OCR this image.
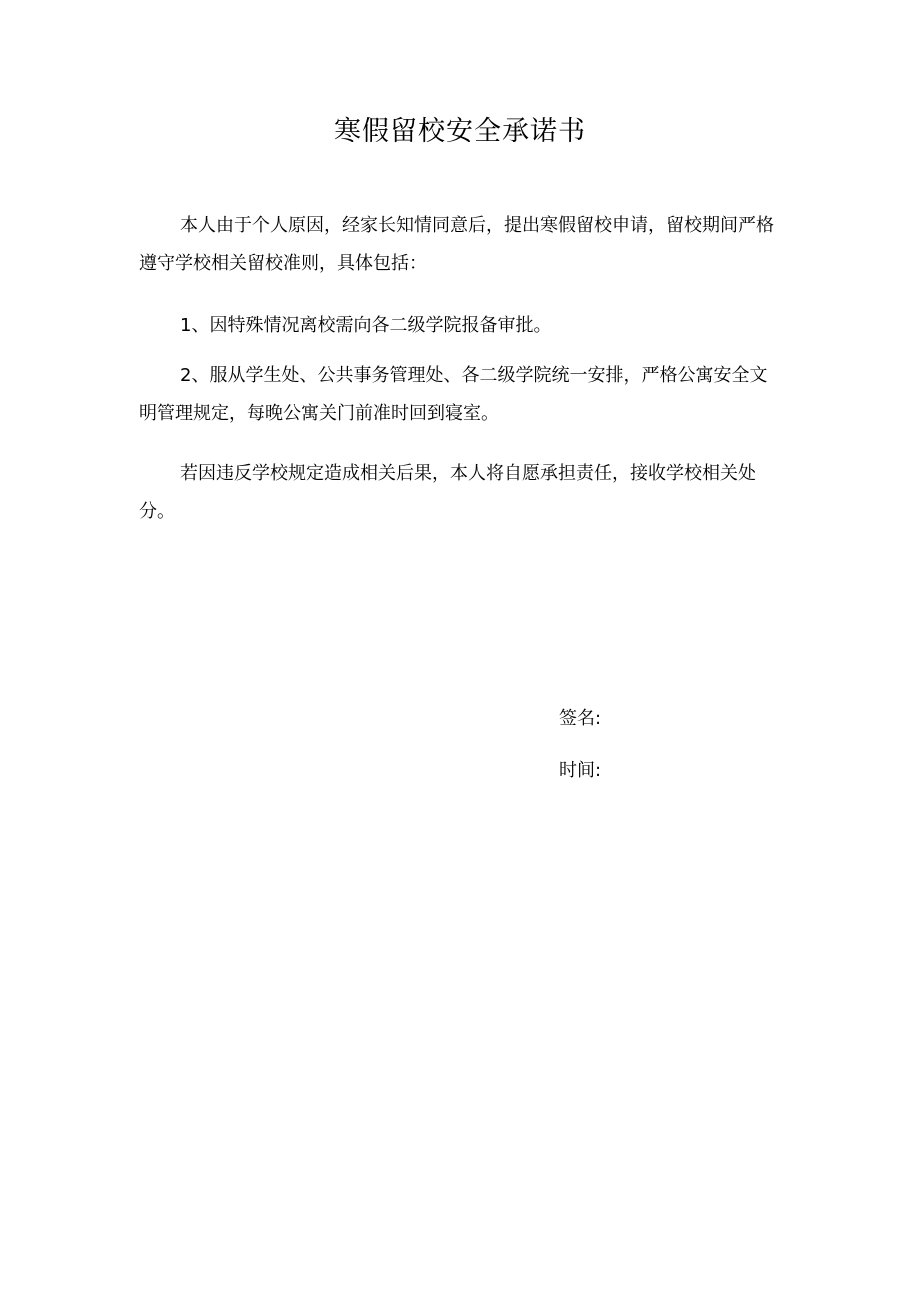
寒假留校安全承诺书

本人由于个人原因，经家长知情同意后，提出寒假留校申请，留校期间严格遵守学校相关留校准则，具体包括：

1、因特殊情况离校需向各二级学院报备审批。

2、服从学生处、公共事务管理处、各二级学院统一安排，严格公寓安全文明管理规定，每晚公寓关门前准时回到寝室。

若因违反学校规定造成相关后果，本人将自愿承担责任，接收学校相关处分。

签名:
时间:
